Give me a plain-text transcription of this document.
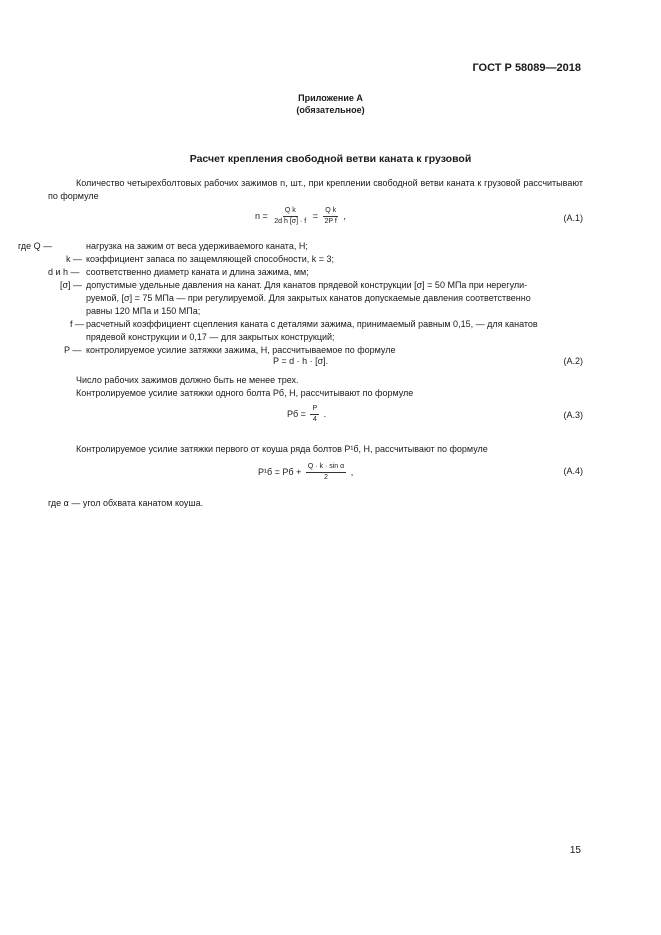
ГОСТ Р 58089—2018
Приложение А
(обязательное)
Расчет крепления свободной ветви каната к грузовой
Количество четырехболтовых рабочих зажимов n, шт., при креплении свободной ветви каната к грузовой рассчитывают по формуле
$n = \frac{\text{Q k}}{\text{2d h [σ] · f}} = \frac{\text{Q k}}{\text{2P f}}$ ,	(А.1)
где Q —	нагрузка на зажим от веса удерживаемого каната, Н;
k — коэффициент запаса по защемляющей способности, k = 3;
d и h — соответственно диаметр каната и длина зажима, мм;
[σ] — допустимые удельные давления на канат. Для канатов прядевой конструкции [σ] = 50 МПа при нерегули-
руемой, [σ] = 75 МПа — при регулируемой. Для закрытых канатов допускаемые давления соответственно
равны 120 МПа и 150 МПа;
f — расчетный коэффициент сцепления каната с деталями зажима, принимаемый равным 0,15, — для канатов
прядевой конструкции и 0,17 — для закрытых конструкций;
P — контролируемое усилие затяжки зажима, Н, рассчитываемое по формуле
P = d · h · [σ].	(А.2)
Число рабочих зажимов должно быть не менее трех.
Контролируемое усилие затяжки одного болта Pб, Н, рассчитывают по формуле
Pб = $\frac{P}{4}$ .	(А.3)
Контролируемое усилие затяжки первого от коуша ряда болтов P¹б, Н, рассчитывают по формуле
P¹б = Pб + $\frac{\text{Q · k · sin α}}{2}$ ,	(А.4)
где α — угол обхвата канатом коуша.
15
